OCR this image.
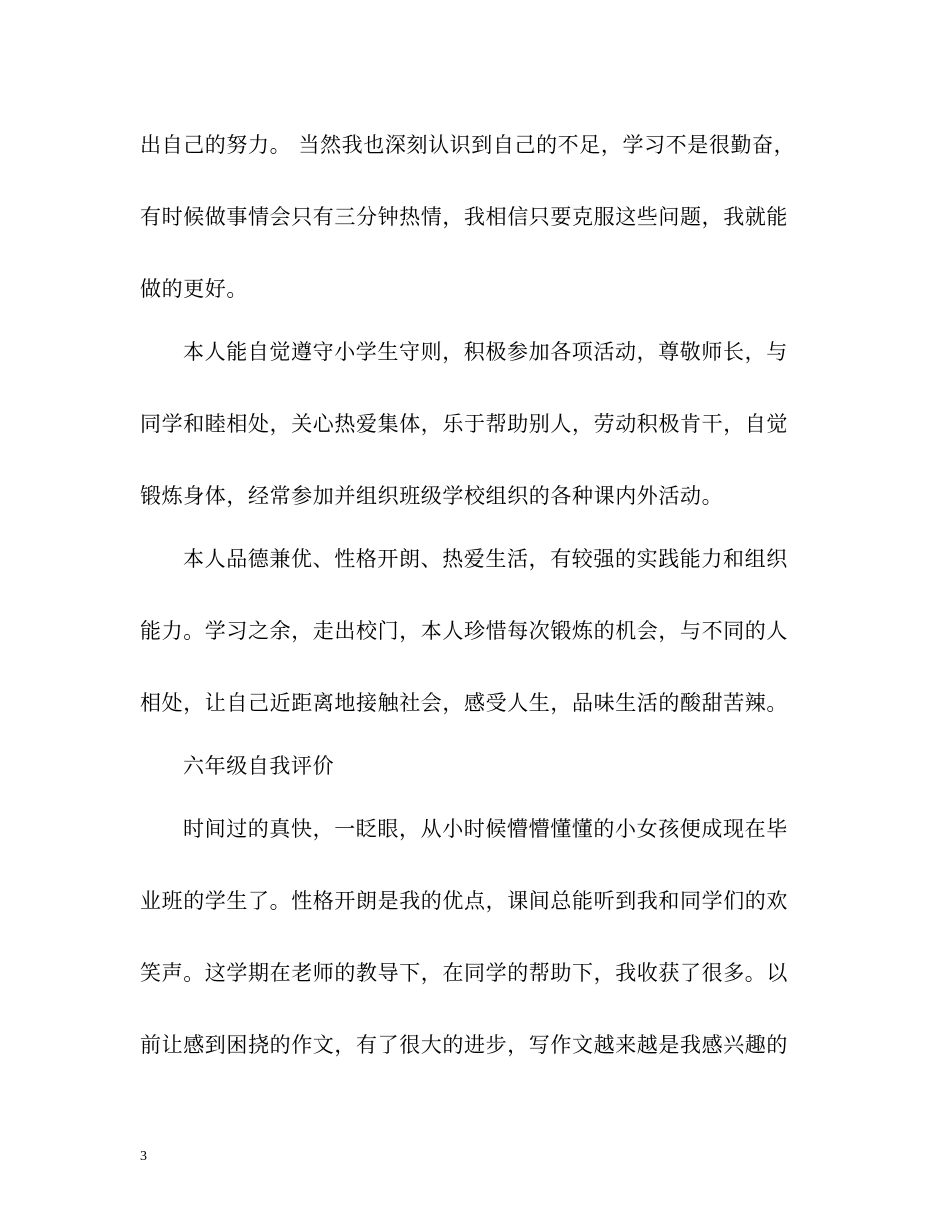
出自己的努力。 当然我也深刻认识到自己的不足，学习不是很勤奋，
有时候做事情会只有三分钟热情，我相信只要克服这些问题，我就能
做的更好。
本人能自觉遵守小学生守则，积极参加各项活动，尊敬师长，与
同学和睦相处，关心热爱集体，乐于帮助别人，劳动积极肯干，自觉
锻炼身体，经常参加并组织班级学校组织的各种课内外活动。
本人品德兼优、性格开朗、热爱生活，有较强的实践能力和组织
能力。学习之余，走出校门，本人珍惜每次锻炼的机会，与不同的人
相处，让自己近距离地接触社会，感受人生，品味生活的酸甜苦辣。
六年级自我评价
时间过的真快，一眨眼，从小时候懵懵懂懂的小女孩便成现在毕
业班的学生了。性格开朗是我的优点，课间总能听到我和同学们的欢
笑声。这学期在老师的教导下，在同学的帮助下，我收获了很多。以
前让感到困挠的作文，有了很大的进步，写作文越来越是我感兴趣的
3
